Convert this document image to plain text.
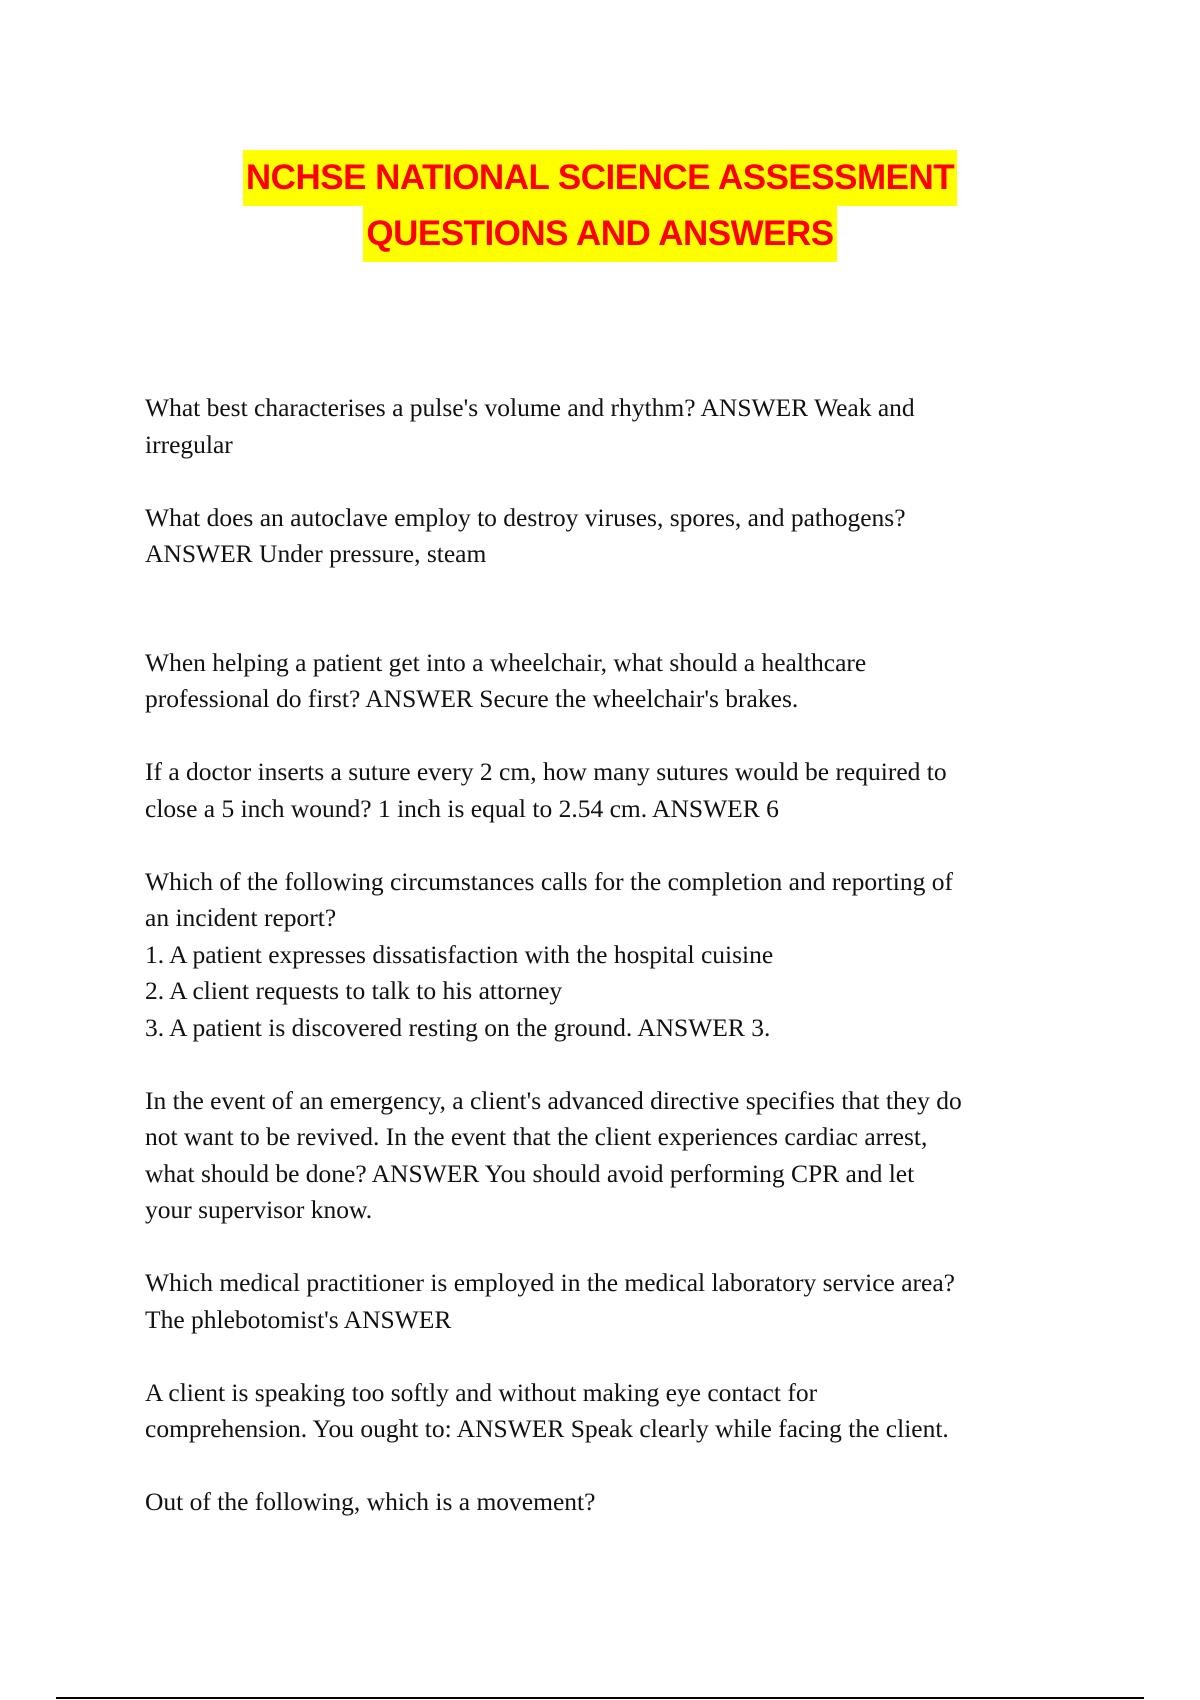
NCHSE NATIONAL SCIENCE ASSESSMENT
QUESTIONS AND ANSWERS
What best characterises a pulse's volume and rhythm? ANSWER Weak and
irregular
What does an autoclave employ to destroy viruses, spores, and pathogens?
ANSWER Under pressure, steam
When helping a patient get into a wheelchair, what should a healthcare
professional do first? ANSWER Secure the wheelchair's brakes.
If a doctor inserts a suture every 2 cm, how many sutures would be required to
close a 5 inch wound? 1 inch is equal to 2.54 cm. ANSWER 6
Which of the following circumstances calls for the completion and reporting of
an incident report?
1. A patient expresses dissatisfaction with the hospital cuisine
2. A client requests to talk to his attorney
3. A patient is discovered resting on the ground. ANSWER 3.
In the event of an emergency, a client's advanced directive specifies that they do
not want to be revived. In the event that the client experiences cardiac arrest,
what should be done? ANSWER You should avoid performing CPR and let
your supervisor know.
Which medical practitioner is employed in the medical laboratory service area?
The phlebotomist's ANSWER
A client is speaking too softly and without making eye contact for
comprehension. You ought to: ANSWER Speak clearly while facing the client.
Out of the following, which is a movement?
